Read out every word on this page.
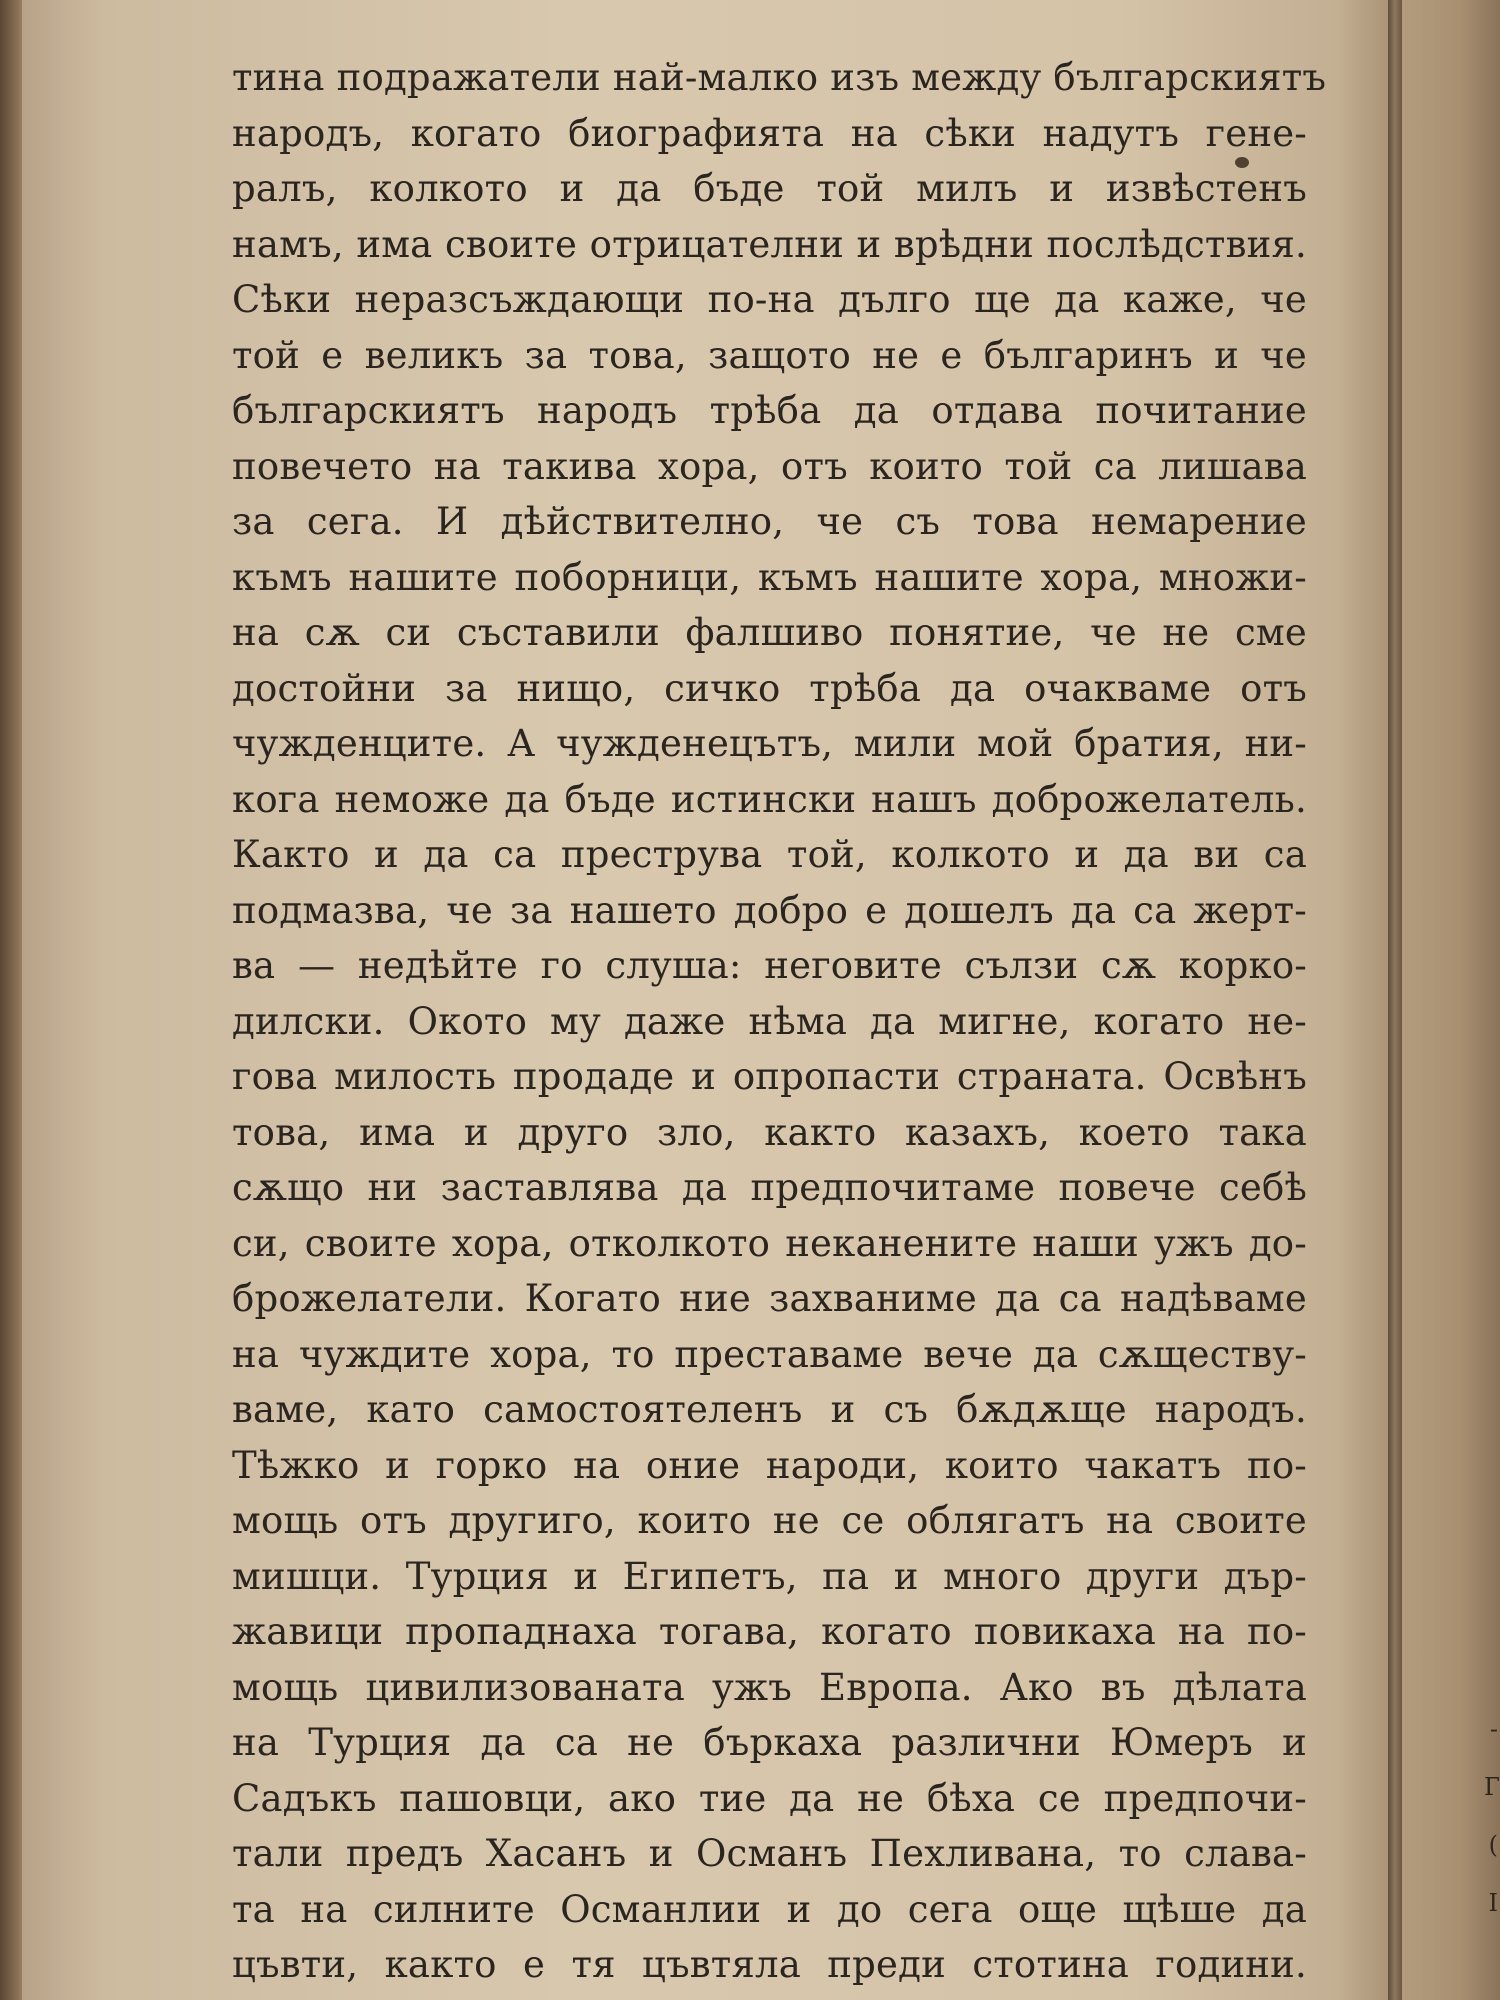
тина подражатели най-малко изъ между българскиятъ
народъ, когато биографията на сѣки надутъ гене-
ралъ, колкото и да бъде той милъ и извѣстенъ
намъ, има своите отрицателни и врѣдни послѣдствия.
Сѣки неразсъждающи по-на дълго ще да каже, че
той е великъ за това, защото не е българинъ и че
българскиятъ народъ трѣба да отдава почитание
повечето на такива хора, отъ които той са лишава
за сега. И дѣйствително, че съ това немарение
къмъ нашите поборници, къмъ нашите хора, множи-
на сѫ си съставили фалшиво понятие, че не сме
достойни за нищо, сичко трѣба да очакваме отъ
чужденците. А чужденецътъ, мили мой братия, ни-
кога неможе да бъде истински нашъ доброжелатель.
Както и да са преструва той, колкото и да ви са
подмазва, че за нашето добро е дошелъ да са жерт-
ва — недѣйте го слуша: неговите сълзи сѫ корко-
дилски. Окото му даже нѣма да мигне, когато не-
гова милость продаде и опропасти страната. Освѣнъ
това, има и друго зло, както казахъ, което така
сѫщо ни заставлява да предпочитаме повече себѣ
си, своите хора, отколкото неканените наши ужъ до-
брожелатели. Когато ние захваниме да са надѣваме
на чуждите хора, то преставаме вече да сѫществу-
ваме, като самостоятеленъ и съ бѫдѫще народъ.
Тѣжко и горко на оние народи, които чакатъ по-
мощь отъ другиго, които не се облягатъ на своите
мишци. Турция и Египетъ, па и много други дър-
жавици пропаднаха тогава, когато повикаха на по-
мощь цивилизованата ужъ Европа. Ако въ дѣлата
на Турция да са не бъркаха различни Юмеръ и
Садъкъ пашовци, ако тие да не бѣха се предпочи-
тали предъ Хасанъ и Османъ Пехливана, то слава-
та на силните Османлии и до сега още щѣше да
цъвти, както е тя цъвтяла преди стотина години.
-
Г
(
I
